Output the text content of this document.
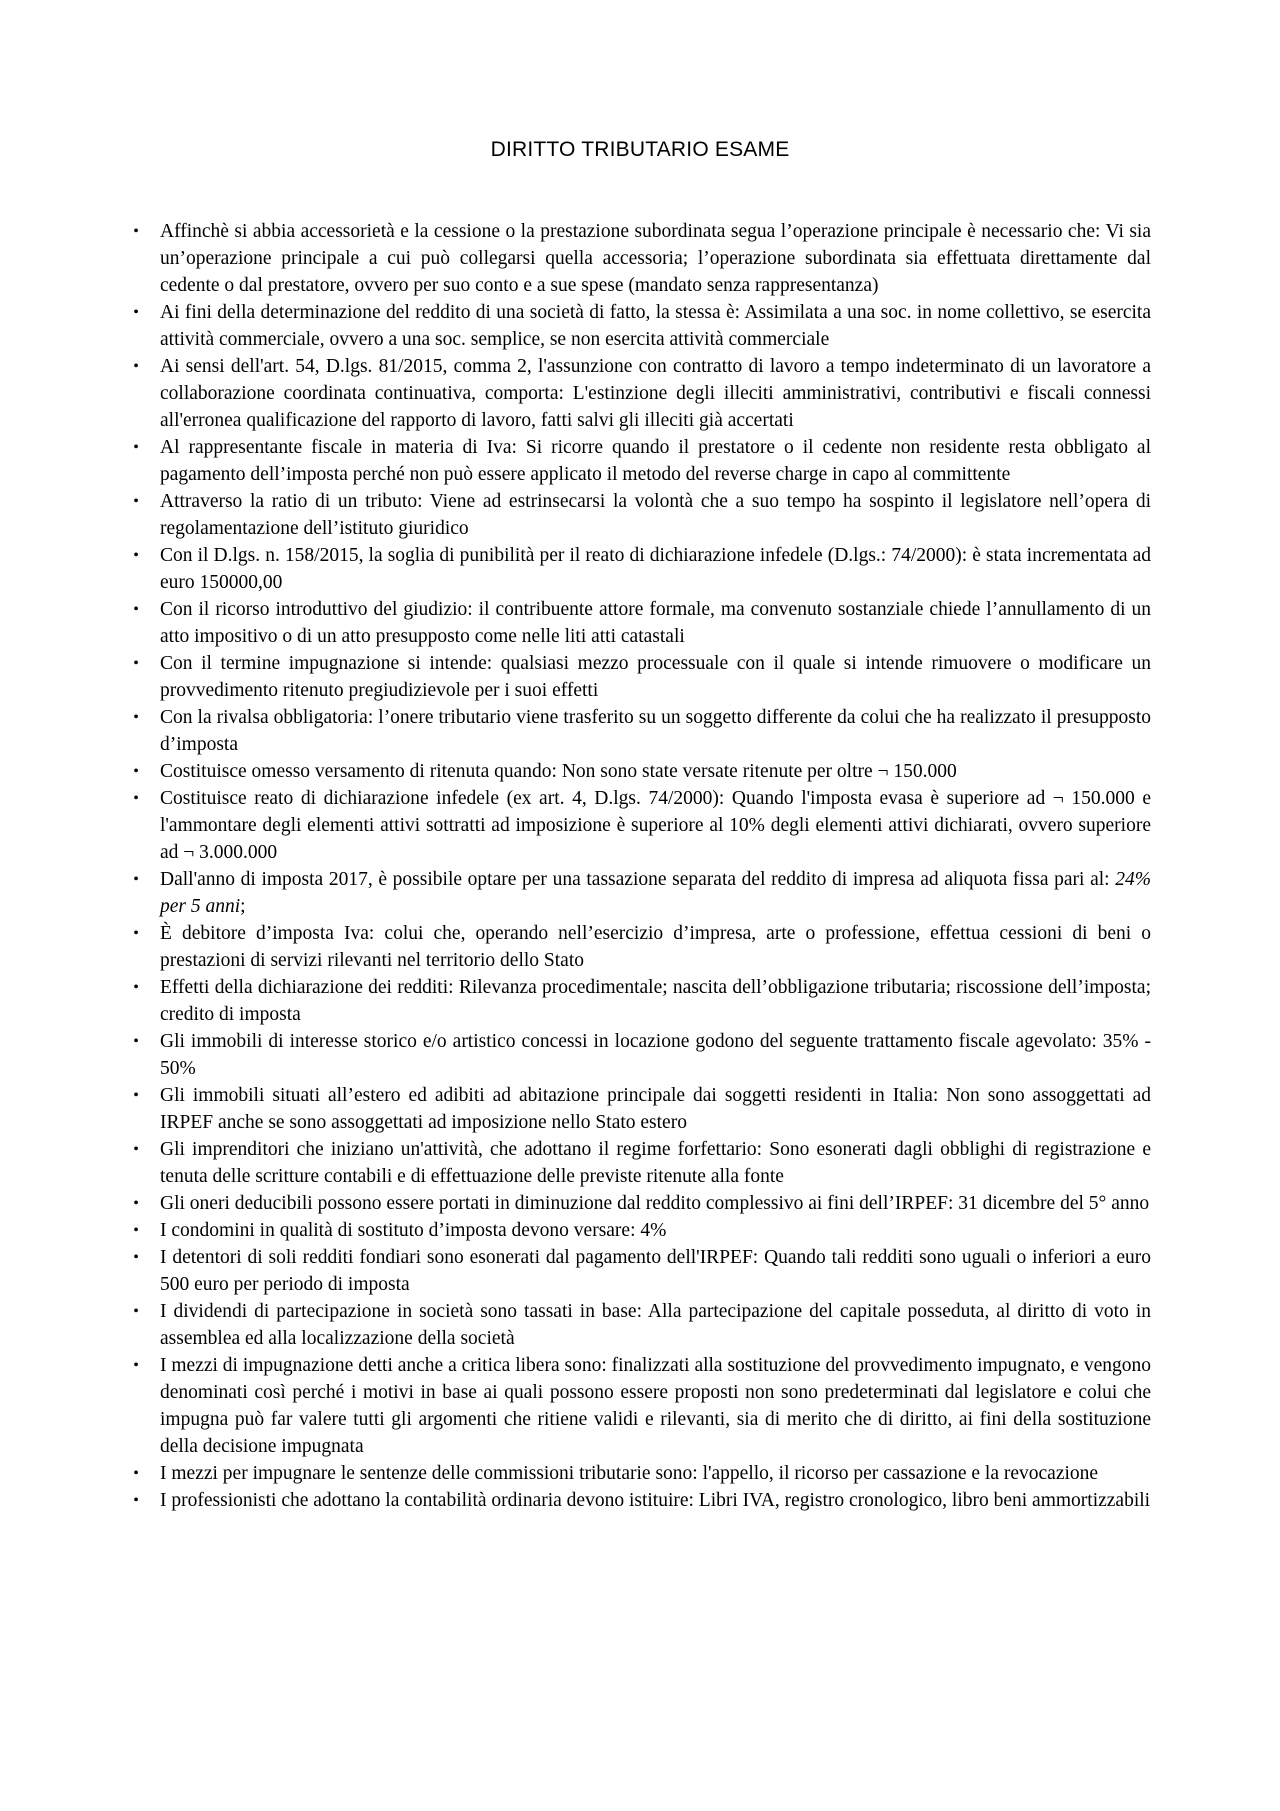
DIRITTO TRIBUTARIO ESAME
• Affinchè si abbia accessorietà e la cessione o la prestazione subordinata segua l’operazione principale è necessario che: Vi sia un’operazione principale a cui può collegarsi quella accessoria; l’operazione subordinata sia effettuata direttamente dal cedente o dal prestatore, ovvero per suo conto e a sue spese (mandato senza rappresentanza)
• Ai fini della determinazione del reddito di una società di fatto, la stessa è: Assimilata a una soc. in nome collettivo, se esercita attività commerciale, ovvero a una soc. semplice, se non esercita attività commerciale
• Ai sensi dell'art. 54, D.lgs. 81/2015, comma 2, l'assunzione con contratto di lavoro a tempo indeterminato di un lavoratore a collaborazione coordinata continuativa, comporta: L'estinzione degli illeciti amministrativi, contributivi e fiscali connessi all'erronea qualificazione del rapporto di lavoro, fatti salvi gli illeciti già accertati
• Al rappresentante fiscale in materia di Iva: Si ricorre quando il prestatore o il cedente non residente resta obbligato al pagamento dell’imposta perché non può essere applicato il metodo del reverse charge in capo al committente
• Attraverso la ratio di un tributo: Viene ad estrinsecarsi la volontà che a suo tempo ha sospinto il legislatore nell’opera di regolamentazione dell’istituto giuridico
• Con il D.lgs. n. 158/2015, la soglia di punibilità per il reato di dichiarazione infedele (D.lgs.: 74/2000): è stata incrementata ad euro 150000,00
• Con il ricorso introduttivo del giudizio: il contribuente attore formale, ma convenuto sostanziale chiede l’annullamento di un atto impositivo o di un atto presupposto come nelle liti atti catastali
• Con il termine impugnazione si intende: qualsiasi mezzo processuale con il quale si intende rimuovere o modificare un provvedimento ritenuto pregiudizievole per i suoi effetti
• Con la rivalsa obbligatoria: l’onere tributario viene trasferito su un soggetto differente da colui che ha realizzato il presupposto d’imposta
• Costituisce omesso versamento di ritenuta quando: Non sono state versate ritenute per oltre ¬ 150.000
• Costituisce reato di dichiarazione infedele (ex art. 4, D.lgs. 74/2000): Quando l'imposta evasa è superiore ad ¬ 150.000 e l'ammontare degli elementi attivi sottratti ad imposizione è superiore al 10% degli elementi attivi dichiarati, ovvero superiore ad ¬ 3.000.000
• Dall'anno di imposta 2017, è possibile optare per una tassazione separata del reddito di impresa ad aliquota fissa pari al: 24% per 5 anni;
• È debitore d’imposta Iva: colui che, operando nell’esercizio d’impresa, arte o professione, effettua cessioni di beni o prestazioni di servizi rilevanti nel territorio dello Stato
• Effetti della dichiarazione dei redditi: Rilevanza procedimentale; nascita dell’obbligazione tributaria; riscossione dell’imposta; credito di imposta
• Gli immobili di interesse storico e/o artistico concessi in locazione godono del seguente trattamento fiscale agevolato: 35% - 50%
• Gli immobili situati all’estero ed adibiti ad abitazione principale dai soggetti residenti in Italia: Non sono assoggettati ad IRPEF anche se sono assoggettati ad imposizione nello Stato estero
• Gli imprenditori che iniziano un'attività, che adottano il regime forfettario: Sono esonerati dagli obblighi di registrazione e tenuta delle scritture contabili e di effettuazione delle previste ritenute alla fonte
• Gli oneri deducibili possono essere portati in diminuzione dal reddito complessivo ai fini dell’IRPEF: 31 dicembre del 5° anno
• I condomini in qualità di sostituto d’imposta devono versare: 4%
• I detentori di soli redditi fondiari sono esonerati dal pagamento dell'IRPEF: Quando tali redditi sono uguali o inferiori a euro 500 euro per periodo di imposta
• I dividendi di partecipazione in società sono tassati in base: Alla partecipazione del capitale posseduta, al diritto di voto in assemblea ed alla localizzazione della società
• I mezzi di impugnazione detti anche a critica libera sono: finalizzati alla sostituzione del provvedimento impugnato, e vengono denominati così perché i motivi in base ai quali possono essere proposti non sono predeterminati dal legislatore e colui che impugna può far valere tutti gli argomenti che ritiene validi e rilevanti, sia di merito che di diritto, ai fini della sostituzione della decisione impugnata
• I mezzi per impugnare le sentenze delle commissioni tributarie sono: l'appello, il ricorso per cassazione e la revocazione
• I professionisti che adottano la contabilità ordinaria devono istituire: Libri IVA, registro cronologico, libro beni ammortizzabili
